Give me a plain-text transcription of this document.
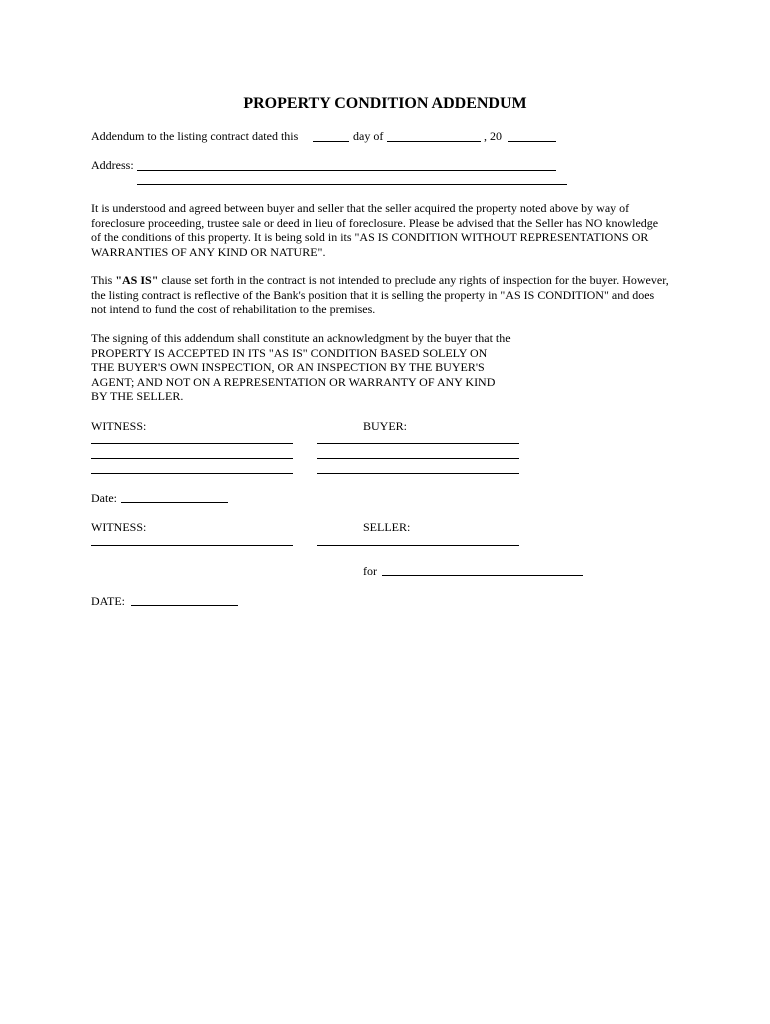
PROPERTY CONDITION ADDENDUM
Addendum to the listing contract dated this	day of	, 20
Address:
It is understood and agreed between buyer and seller that the seller acquired the property noted above by way of foreclosure proceeding, trustee sale or deed in lieu of foreclosure. Please be advised that the Seller has NO knowledge of the conditions of this property. It is being sold in its "AS IS CONDITION WITHOUT REPRESENTATIONS OR WARRANTIES OF ANY KIND OR NATURE".
This "AS IS" clause set forth in the contract is not intended to preclude any rights of inspection for the buyer. However, the listing contract is reflective of the Bank's position that it is selling the property in "AS IS CONDITION" and does not intend to fund the cost of rehabilitation to the premises.
The signing of this addendum shall constitute an acknowledgment by the buyer that the
PROPERTY IS ACCEPTED IN ITS "AS IS" CONDITION BASED SOLELY ON
THE BUYER'S OWN INSPECTION, OR AN INSPECTION BY THE BUYER'S
AGENT; AND NOT ON A REPRESENTATION OR WARRANTY OF ANY KIND
BY THE SELLER.
WITNESS:	BUYER:
Date:
WITNESS:	SELLER:
for
DATE:
